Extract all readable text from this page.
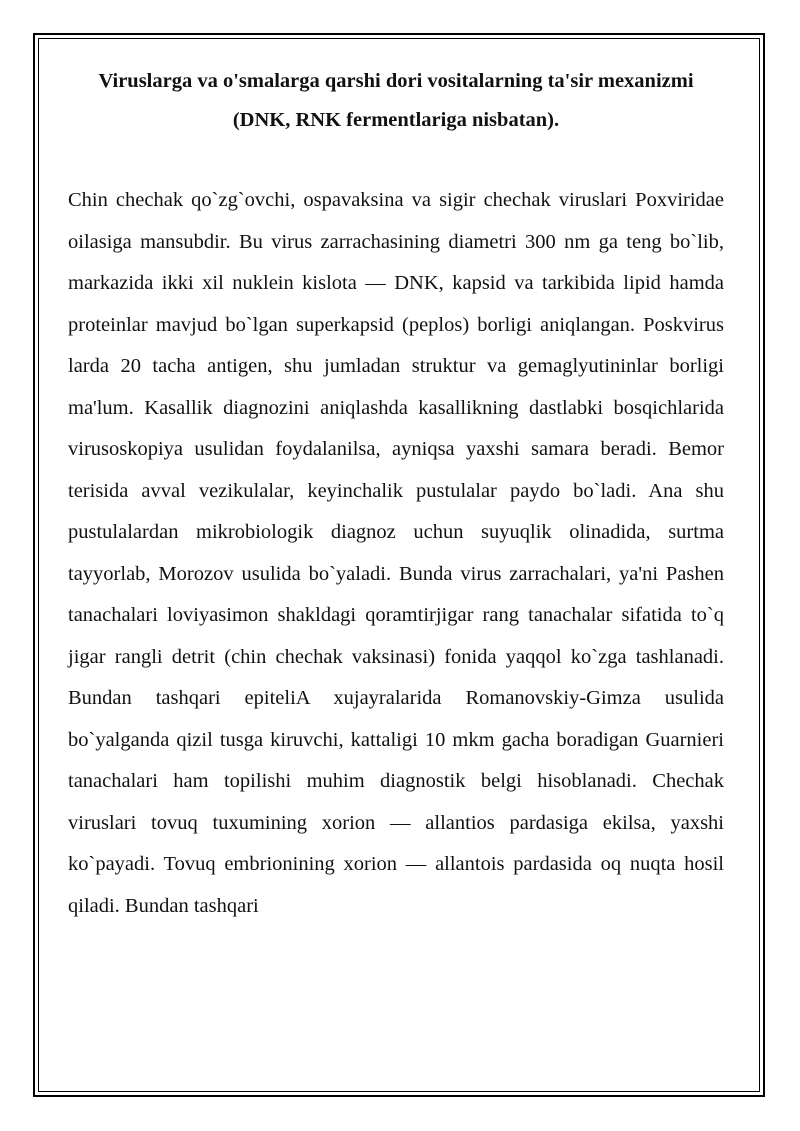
Viruslarga va o'smalarga qarshi dori vositalarning ta'sir mexanizmi (DNK, RNK fermentlariga nisbatan).

Chin chechak qo`zg`ovchi, ospavaksina va sigir chechak viruslari Poxviridae oilasiga mansubdir. Bu virus zarrachasining diametri 300 nm ga teng bo`lib, markazida ikki xil nuklein kislota — DNK, kapsid va tarkibida lipid hamda proteinlar mavjud bo`lgan superkapsid (peplos) borligi aniqlangan. Poskvirus larda 20 tacha antigen, shu jumladan struktur va gemaglyutininlar borligi ma'lum. Kasallik diagnozini aniqlashda kasallikning dastlabki bosqichlarida virusoskopiya usulidan foydalanilsa, ayniqsa yaxshi samara beradi. Bemor terisida avval vezikulalar, keyinchalik pustulalar paydo bo`ladi. Ana shu pustulalardan mikrobiologik diagnoz uchun suyuqlik olinadida, surtma tayyorlab, Morozov usulida bo`yaladi. Bunda virus zarrachalari, ya'ni Pashen tanachalari loviyasimon shakldagi qoramtirjigar rang tanachalar sifatida to`q jigar rangli detrit (chin chechak vaksinasi) fonida yaqqol ko`zga tashlanadi. Bundan tashqari epiteliA xujayralarida Romanovskiy-Gimza usulida bo`yalganda qizil tusga kiruvchi, kattaligi 10 mkm gacha boradigan Guarnieri tanachalari ham topilishi muhim diagnostik belgi hisoblanadi. Chechak viruslari tovuq tuxumining xorion — allantios pardasiga ekilsa, yaxshi ko`payadi. Tovuq embrionining xorion — allantois pardasida oq nuqta hosil qiladi. Bundan tashqari
